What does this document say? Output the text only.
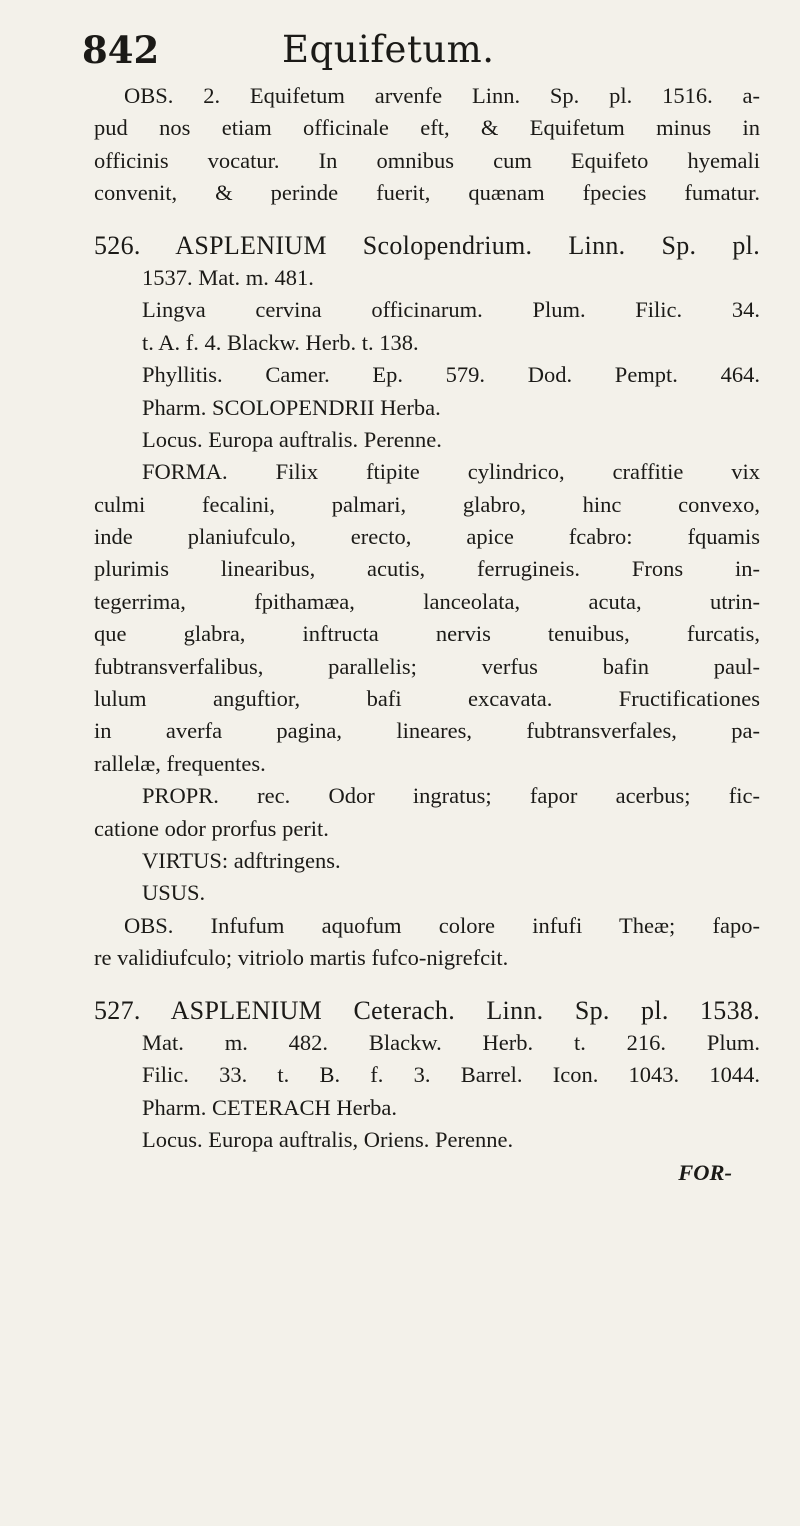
842	Equifetum.
OBS. 2. Equifetum arvenfe Linn. Sp. pl. 1516. a-
pud nos etiam officinale eft, & Equifetum minus in
officinis vocatur. In omnibus cum Equifeto hyemali
convenit, & perinde fuerit, quænam fpecies fumatur.
526. ASPLENIUM Scolopendrium. Linn. Sp. pl.
1537. Mat. m. 481.
Lingva cervina officinarum. Plum. Filic. 34.
t. A. f. 4. Blackw. Herb. t. 138.
Phyllitis. Camer. Ep. 579. Dod. Pempt. 464.
Pharm. SCOLOPENDRII Herba.
Locus. Europa auftralis. Perenne.
FORMA. Filix ftipite cylindrico, craffitie vix
culmi fecalini, palmari, glabro, hinc convexo,
inde planiufculo, erecto, apice fcabro: fquamis
plurimis linearibus, acutis, ferrugineis. Frons in-
tegerrima, fpithamæa, lanceolata, acuta, utrin-
que glabra, inftructa nervis tenuibus, furcatis,
fubtransverfalibus, parallelis; verfus bafin paul-
lulum anguftior, bafi excavata. Fructificationes
in averfa pagina, lineares, fubtransverfales, pa-
rallelæ, frequentes.
PROPR. rec. Odor ingratus; fapor acerbus; fic-
catione odor prorfus perit.
VIRTUS: adftringens.
USUS.
OBS. Infufum aquofum colore infufi Theæ; fapo-
re validiufculo; vitriolo martis fufco-nigrefcit.
527. ASPLENIUM Ceterach. Linn. Sp. pl. 1538.
Mat. m. 482. Blackw. Herb. t. 216. Plum.
Filic. 33. t. B. f. 3. Barrel. Icon. 1043. 1044.
Pharm. CETERACH Herba.
Locus. Europa auftralis, Oriens. Perenne.
FOR-
